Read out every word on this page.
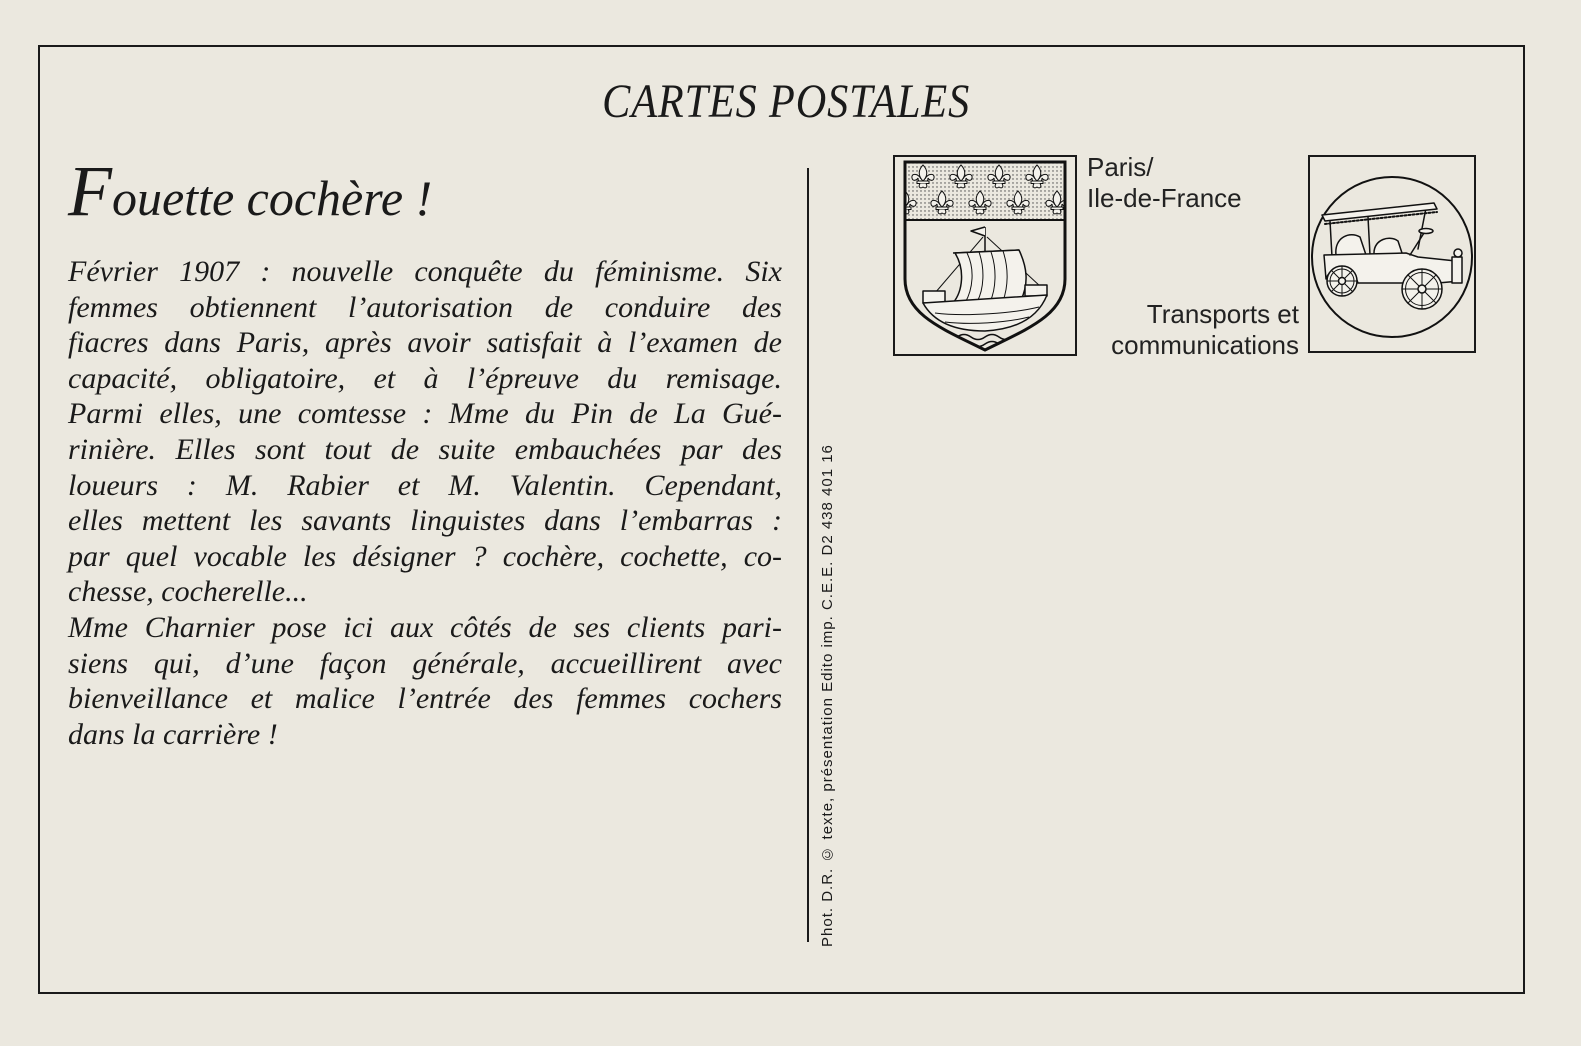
CARTES POSTALES
Fouette cochère !
Février 1907 : nouvelle conquête du féminisme. Six
femmes obtiennent l’autorisation de conduire des
fiacres dans Paris, après avoir satisfait à l’examen de
capacité, obligatoire, et à l’épreuve du remisage.
Parmi elles, une comtesse : Mme du Pin de La Gué-
rinière. Elles sont tout de suite embauchées par des
loueurs : M. Rabier et M. Valentin. Cependant,
elles mettent les savants linguistes dans l’embarras :
par quel vocable les désigner ? cochère, cochette, co-
chesse, cocherelle...
Mme Charnier pose ici aux côtés de ses clients pari-
siens qui, d’une façon générale, accueillirent avec
bienveillance et malice l’entrée des femmes cochers
dans la carrière !	Phot. D.R. © texte, présentation Edito imp. C.E.E. D2 438 401 16
Paris/
Ile-de-France
Transports et
communications
